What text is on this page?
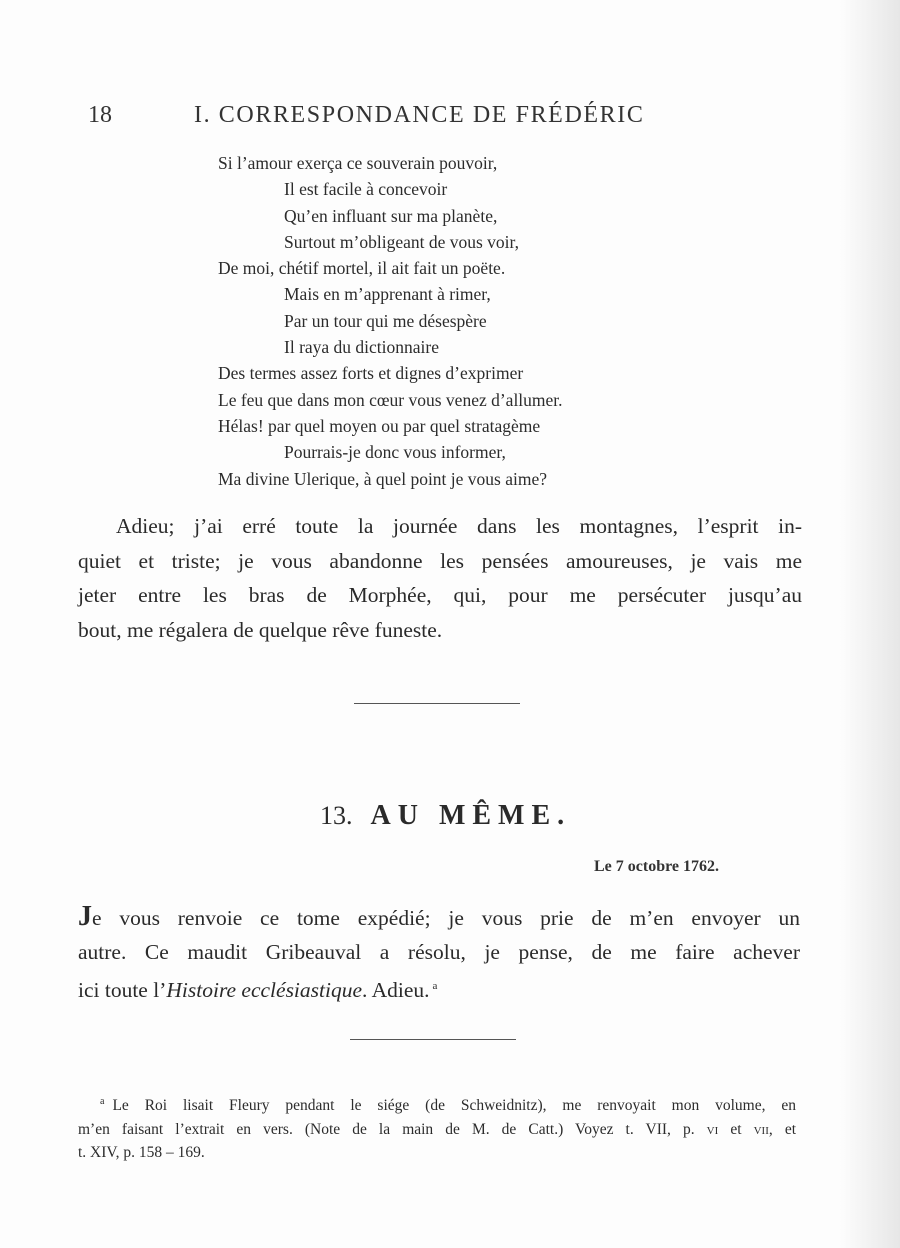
18	I. CORRESPONDANCE DE FRÉDÉRIC
Si l’amour exerça ce souverain pouvoir,
Il est facile à concevoir
Qu’en influant sur ma planète,
Surtout m’obligeant de vous voir,
De moi, chétif mortel, il ait fait un poëte.
Mais en m’apprenant à rimer,
Par un tour qui me désespère
Il raya du dictionnaire
Des termes assez forts et dignes d’exprimer
Le feu que dans mon cœur vous venez d’allumer.
Hélas! par quel moyen ou par quel stratagème
Pourrais-je donc vous informer,
Ma divine Ulerique, à quel point je vous aime?
Adieu; j’ai erré toute la journée dans les montagnes, l’esprit in-
quiet et triste; je vous abandonne les pensées amoureuses, je vais me
jeter entre les bras de Morphée, qui, pour me persécuter jusqu’au
bout, me régalera de quelque rêve funeste.
13. AU MÊME.
Le 7 octobre 1762.
Je vous renvoie ce tome expédié; je vous prie de m’en envoyer un
autre. Ce maudit Gribeauval a résolu, je pense, de me faire achever
ici toute l’Histoire ecclésiastique. Adieu. $^a$
$^a$ Le Roi lisait Fleury pendant le siége (de Schweidnitz), me renvoyait mon volume, en
m’en faisant l’extrait en vers. (Note de la main de M. de Catt.) Voyez t. VII, p. vi et vii, et
t. XIV, p. 158 – 169.
